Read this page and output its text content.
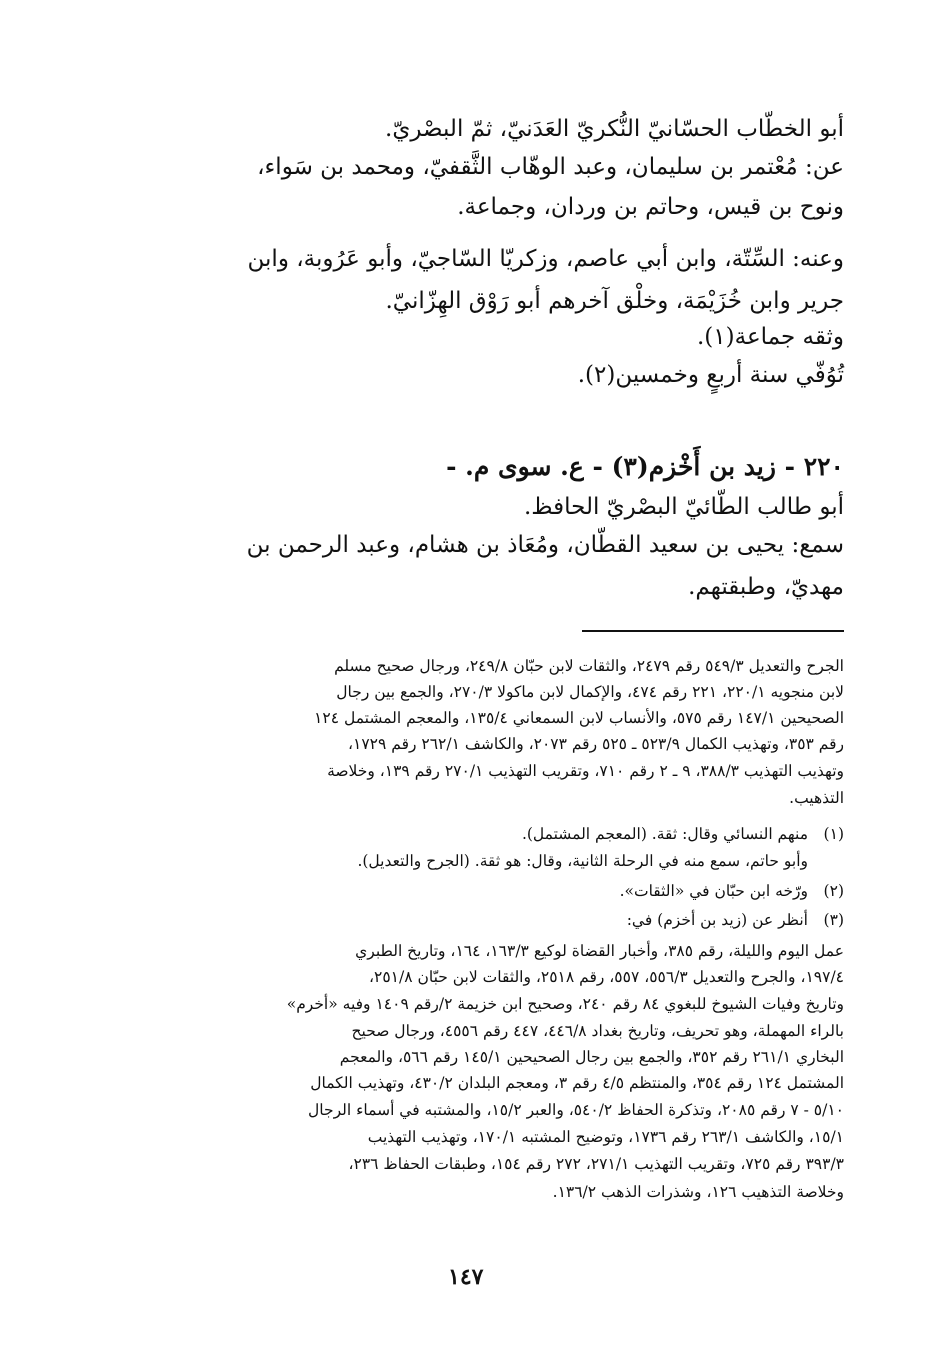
أبو الخطّاب الحسّانيّ النُّكريّ العَدَنيّ، ثمّ البصْريّ.
عن: مُعْتمر بن سليمان، وعبد الوهّاب الثَّقفيّ، ومحمد بن سَواء،
ونوح بن قيس، وحاتم بن وردان، وجماعة.
وعنه: السِّتّة، وابن أبي عاصم، وزكريّا السّاجيّ، وأبو عَرُوبة، وابن
جرير وابن خُزَيْمَة، وخلْق آخرهم أبو رَوْق الهِزّانيّ.
وثقه جماعة(١).
تُوُفّي سنة أربعٍ وخمسين(٢).
٢٢٠ - زيد بن أَخْزم(٣) - ع. سوى م. -
أبو طالب الطّائيّ البصْريّ الحافظ.
سمع: يحيى بن سعيد القطّان، ومُعَاذ بن هشام، وعبد الرحمن بن
مهديّ، وطبقتهم.
الجرح والتعديل ٥٤٩/٣ رقم ٢٤٧٩، والثقات لابن حبّان ٢٤٩/٨، ورجال صحيح مسلم
لابن منجويه ٢٢٠/١، ٢٢١ رقم ٤٧٤، والإكمال لابن ماكولا ٢٧٠/٣، والجمع بين رجال
الصحيحين ١٤٧/١ رقم ٥٧٥، والأنساب لابن السمعاني ١٣٥/٤، والمعجم المشتمل ١٢٤
رقم ٣٥٣، وتهذيب الكمال ٥٢٣/٩ ـ ٥٢٥ رقم ٢٠٧٣، والكاشف ٢٦٢/١ رقم ١٧٢٩،
وتهذيب التهذيب ٣٨٨/٣، ٩ ـ ٢ رقم ٧١٠، وتقريب التهذيب ٢٧٠/١ رقم ١٣٩، وخلاصة
التذهيب.
(١)
منهم النسائي وقال: ثقة. (المعجم المشتمل).
وأبو حاتم، سمع منه في الرحلة الثانية، وقال: هو ثقة. (الجرح والتعديل).
(٢)
ورّخه ابن حبّان في «الثقات».
(٣)
أنظر عن (زيد بن أخزم) في:
عمل اليوم والليلة، رقم ٣٨٥، وأخبار القضاة لوكيع ١٦٣/٣، ١٦٤، وتاريخ الطبري
١٩٧/٤، والجرح والتعديل ٥٥٦/٣، ٥٥٧، رقم ٢٥١٨، والثقات لابن حبّان ٢٥١/٨،
وتاريخ وفيات الشيوخ للبغوي ٨٤ رقم ٢٤٠، وصحيح ابن خزيمة ٢/رقم ١٤٠٩ وفيه «أخرم»
بالراء المهملة، وهو تحريف، وتاريخ بغداد ٤٤٦/٨، ٤٤٧ رقم ٤٥٥٦، ورجال صحيح
البخاري ٢٦١/١ رقم ٣٥٢، والجمع بين رجال الصحيحين ١٤٥/١ رقم ٥٦٦، والمعجم
المشتمل ١٢٤ رقم ٣٥٤، والمنتظم ٤/٥ رقم ٣، ومعجم البلدان ٤٣٠/٢، وتهذيب الكمال
٥/١٠ - ٧ رقم ٢٠٨٥، وتذكرة الحفاظ ٥٤٠/٢، والعبر ١٥/٢، والمشتبه في أسماء الرجال
١٥/١، والكاشف ٢٦٣/١ رقم ١٧٣٦، وتوضيح المشتبه ١٧٠/١، وتهذيب التهذيب
٣٩٣/٣ رقم ٧٢٥، وتقريب التهذيب ٢٧١/١، ٢٧٢ رقم ١٥٤، وطبقات الحفاظ ٢٣٦،
وخلاصة التذهيب ١٢٦، وشذرات الذهب ١٣٦/٢.
١٤٧
